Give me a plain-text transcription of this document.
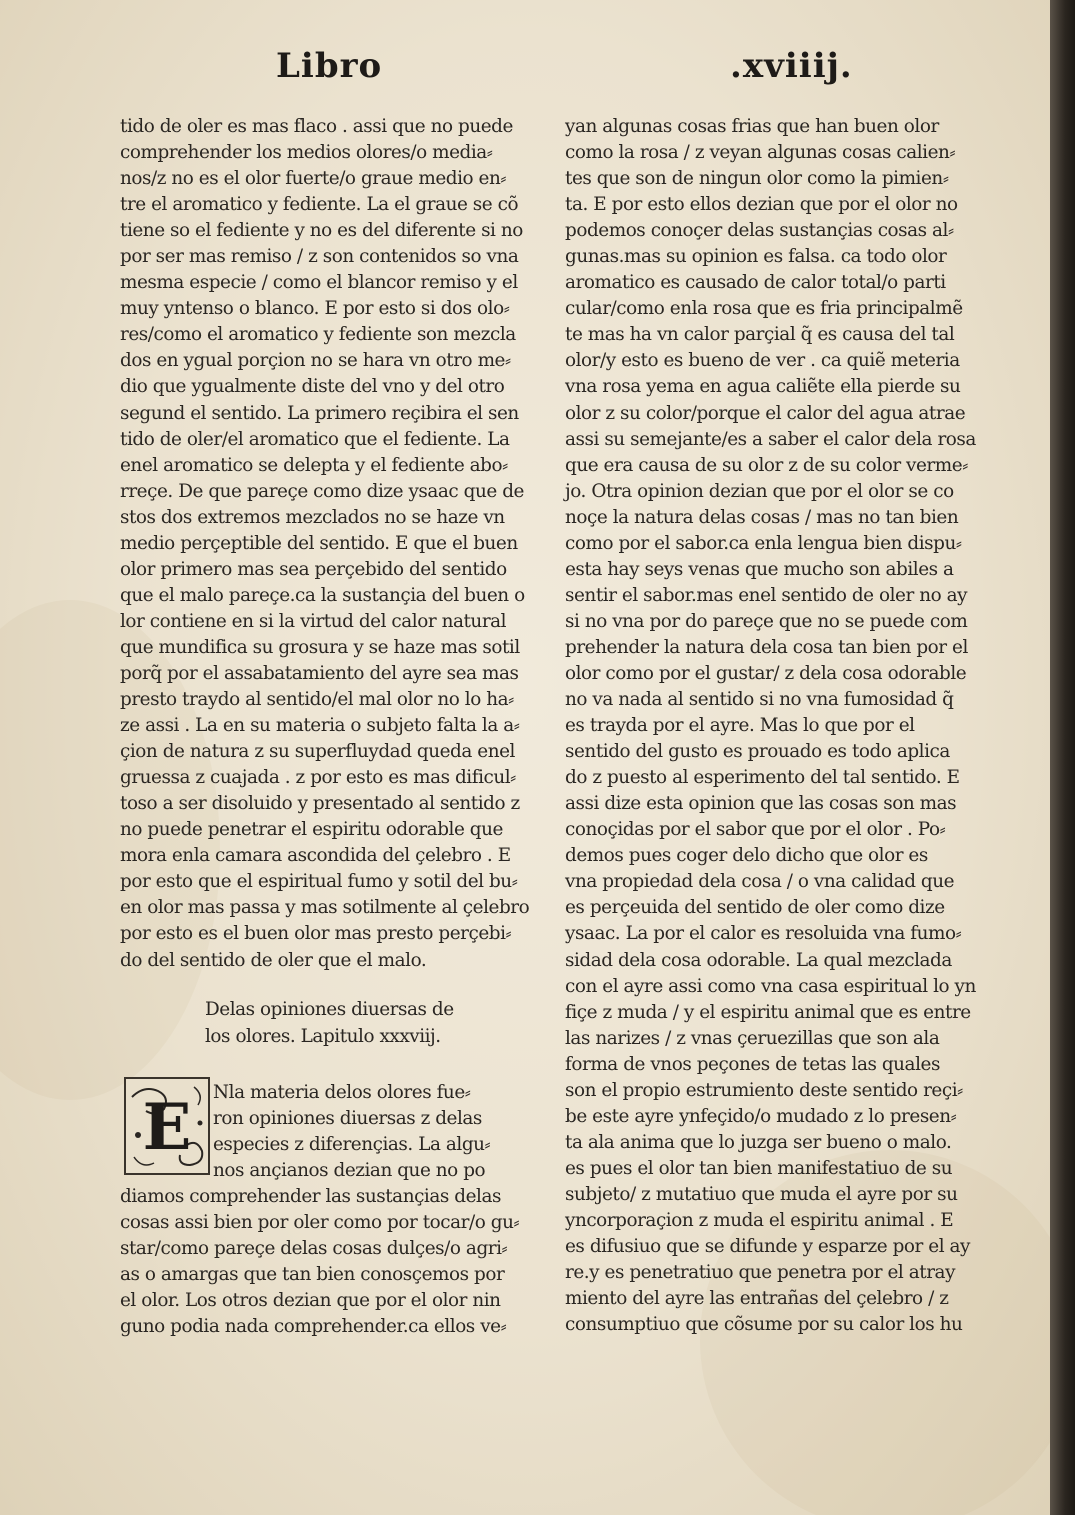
Libro	.xviiij.
tido de oler es mas flaco . assi que no puede
comprehender los medios olores/o media⸗
nos/z no es el olor fuerte/o graue medio en⸗
tre el aromatico y fediente. La el graue se cõ
tiene so el fediente y no es del diferente si no
por ser mas remiso / z son contenidos so vna
mesma especie / como el blancor remiso y el
muy yntenso o blanco. E por esto si dos olo⸗
res/como el aromatico y fediente son mezcla
dos en ygual porçion no se hara vn otro me⸗
dio que ygualmente diste del vno y del otro
segund el sentido. La primero reçibira el sen
tido de oler/el aromatico que el fediente. La
enel aromatico se delepta y el fediente abo⸗
rreçe. De que pareçe como dize ysaac que de
stos dos extremos mezclados no se haze vn
medio perçeptible del sentido. E que el buen
olor primero mas sea perçebido del sentido
que el malo pareçe.ca la sustançia del buen o
lor contiene en si la virtud del calor natural
que mundifica su grosura y se haze mas sotil
porq̃ por el assabatamiento del ayre sea mas
presto traydo al sentido/el mal olor no lo ha⸗
ze assi . La en su materia o subjeto falta la a⸗
çion de natura z su superfluydad queda enel
gruessa z cuajada . z por esto es mas dificul⸗
toso a ser disoluido y presentado al sentido z
no puede penetrar el espiritu odorable que
mora enla camara ascondida del çelebro . E
por esto que el espiritual fumo y sotil del bu⸗
en olor mas passa y mas sotilmente al çelebro
por esto es el buen olor mas presto perçebi⸗
do del sentido de oler que el malo.
Delas opiniones diuersas de
los olores. Lapitulo xxxviij.
E Nla materia delos olores fue⸗
ron opiniones diuersas z delas
especies z diferençias. La algu⸗
nos ançianos dezian que no po
diamos comprehender las sustançias delas
cosas assi bien por oler como por tocar/o gu⸗
star/como pareçe delas cosas dulçes/o agri⸗
as o amargas que tan bien conosçemos por
el olor. Los otros dezian que por el olor nin
guno podia nada comprehender.ca ellos ve⸗
yan algunas cosas frias que han buen olor
como la rosa / z veyan algunas cosas calien⸗
tes que son de ningun olor como la pimien⸗
ta. E por esto ellos dezian que por el olor no
podemos conoçer delas sustançias cosas al⸗
gunas.mas su opinion es falsa. ca todo olor
aromatico es causado de calor total/o parti
cular/como enla rosa que es fria principalmẽ
te mas ha vn calor parçial q̃ es causa del tal
olor/y esto es bueno de ver . ca quiẽ meteria
vna rosa yema en agua caliẽte ella pierde su
olor z su color/porque el calor del agua atrae
assi su semejante/es a saber el calor dela rosa
que era causa de su olor z de su color verme⸗
jo. Otra opinion dezian que por el olor se co
noçe la natura delas cosas / mas no tan bien
como por el sabor.ca enla lengua bien dispu⸗
esta hay seys venas que mucho son abiles a
sentir el sabor.mas enel sentido de oler no ay
si no vna por do pareçe que no se puede com
prehender la natura dela cosa tan bien por el
olor como por el gustar/ z dela cosa odorable
no va nada al sentido si no vna fumosidad q̃
es trayda por el ayre. Mas lo que por el
sentido del gusto es prouado es todo aplica
do z puesto al esperimento del tal sentido. E
assi dize esta opinion que las cosas son mas
conoçidas por el sabor que por el olor . Po⸗
demos pues coger delo dicho que olor es
vna propiedad dela cosa / o vna calidad que
es perçeuida del sentido de oler como dize
ysaac. La por el calor es resoluida vna fumo⸗
sidad dela cosa odorable. La qual mezclada
con el ayre assi como vna casa espiritual lo yn
fiçe z muda / y el espiritu animal que es entre
las narizes / z vnas çeruezillas que son ala
forma de vnos peçones de tetas las quales
son el propio estrumiento deste sentido reçi⸗
be este ayre ynfeçido/o mudado z lo presen⸗
ta ala anima que lo juzga ser bueno o malo.
es pues el olor tan bien manifestatiuo de su
subjeto/ z mutatiuo que muda el ayre por su
yncorporaçion z muda el espiritu animal . E
es difusiuo que se difunde y esparze por el ay
re.y es penetratiuo que penetra por el atray
miento del ayre las entrañas del çelebro / z
consumptiuo que cõsume por su calor los hu
